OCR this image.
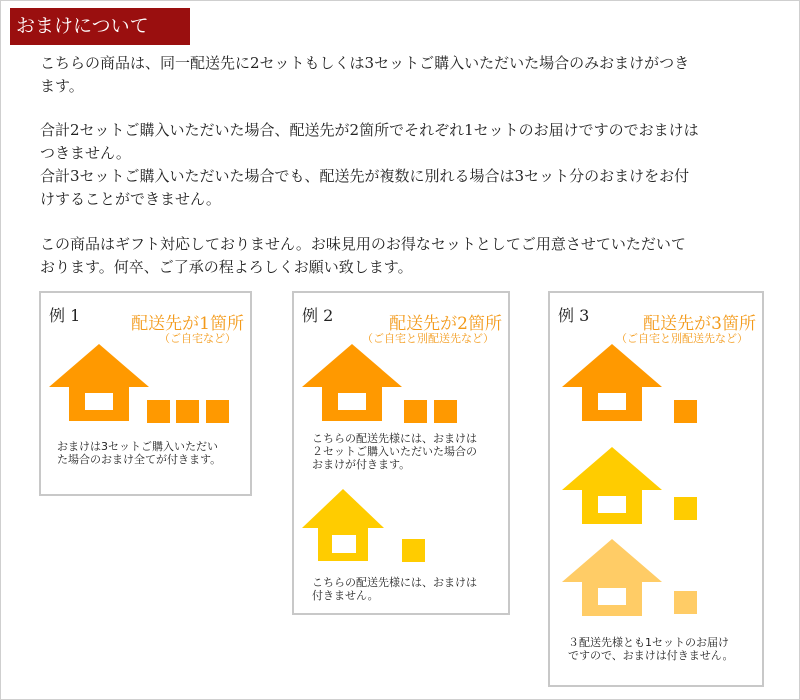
おまけについて

こちらの商品は、同一配送先に2セットもしくは3セットご購入いただいた場合のみおまけがつき
ます。

合計2セットご購入いただいた場合、配送先が2箇所でそれぞれ1セットのお届けですのでおまけは
つきません。
合計3セットご購入いただいた場合でも、配送先が複数に別れる場合は3セット分のおまけをお付
けすることができません。

この商品はギフト対応しておりません。お味見用のお得なセットとしてご用意させていただいて
おります。何卒、ご了承の程よろしくお願い致します。

例 1	配送先が1箇所
（ご自宅など）

おまけは3セットご購入いただい
た場合のおまけ全てが付きます。

例 2	配送先が2箇所
（ご自宅と別配送先など）

こちらの配送先様には、おまけは
２セットご購入いただいた場合の
おまけが付きます。

こちらの配送先様には、おまけは
付きません。

例 3	配送先が3箇所
（ご自宅と別配送先など）

３配送先様とも1セットのお届け
ですので、おまけは付きません。
